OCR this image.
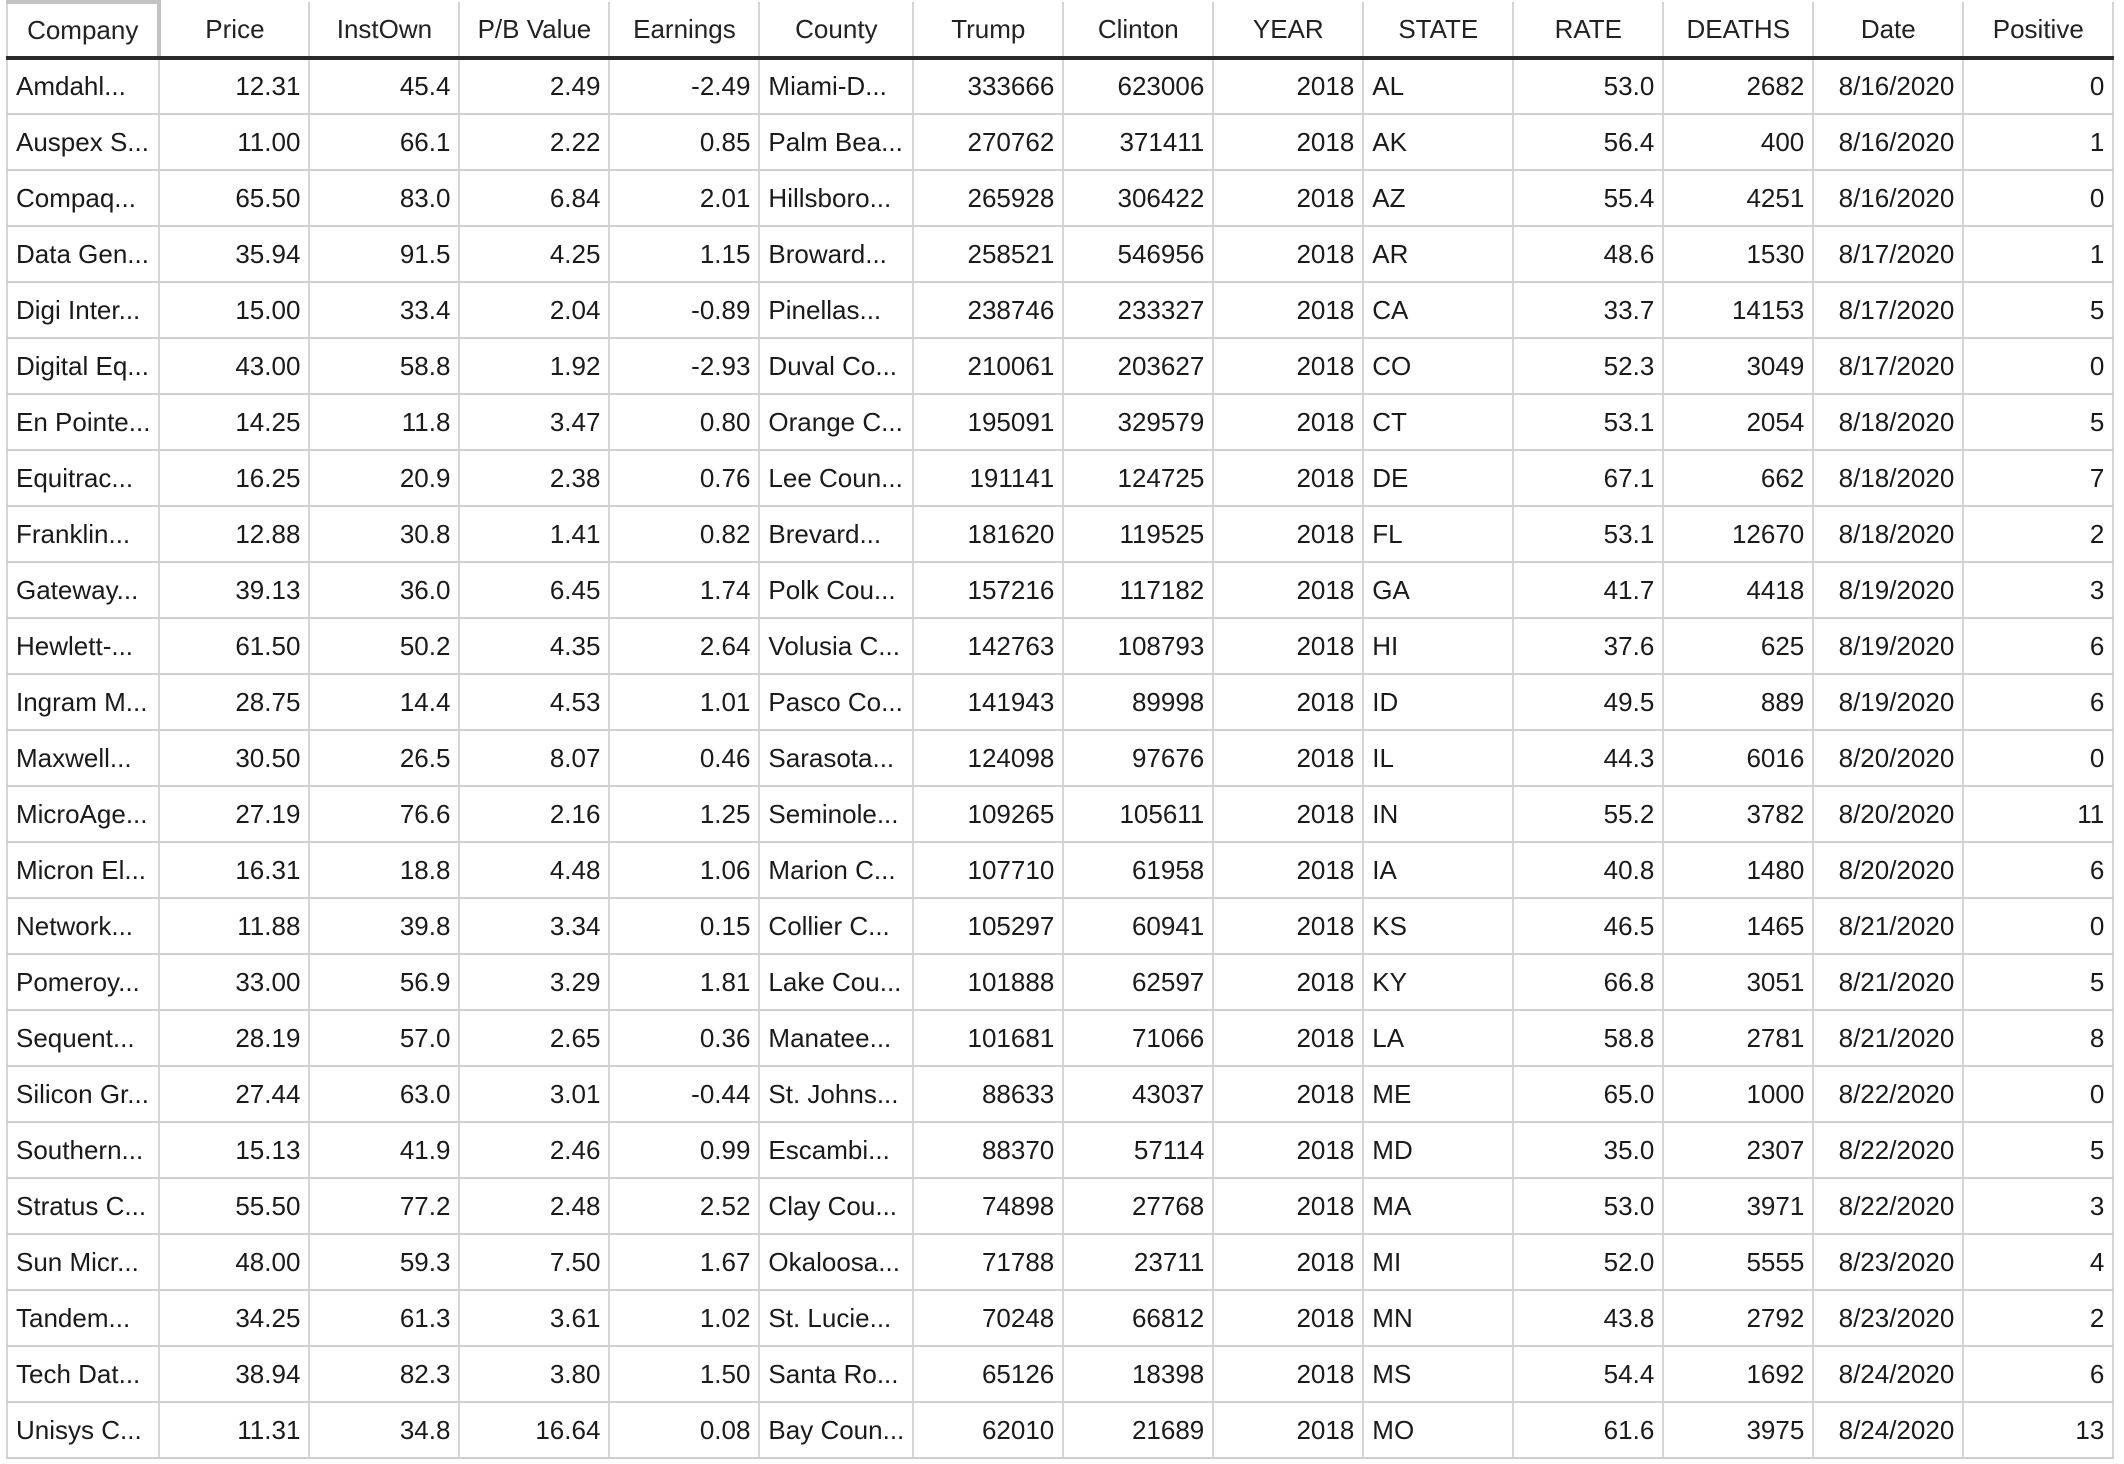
Company	Price	InstOwn	P/B Value	Earnings	County	Trump	Clinton	YEAR	STATE	RATE	DEATHS	Date	Positive
Amdahl...	12.31	45.4	2.49	-2.49	Miami-D...	333666	623006	2018	AL	53.0	2682	8/16/2020	0
Auspex S...	11.00	66.1	2.22	0.85	Palm Bea...	270762	371411	2018	AK	56.4	400	8/16/2020	1
Compaq...	65.50	83.0	6.84	2.01	Hillsboro...	265928	306422	2018	AZ	55.4	4251	8/16/2020	0
Data Gen...	35.94	91.5	4.25	1.15	Broward...	258521	546956	2018	AR	48.6	1530	8/17/2020	1
Digi Inter...	15.00	33.4	2.04	-0.89	Pinellas...	238746	233327	2018	CA	33.7	14153	8/17/2020	5
Digital Eq...	43.00	58.8	1.92	-2.93	Duval Co...	210061	203627	2018	CO	52.3	3049	8/17/2020	0
En Pointe...	14.25	11.8	3.47	0.80	Orange C...	195091	329579	2018	CT	53.1	2054	8/18/2020	5
Equitrac...	16.25	20.9	2.38	0.76	Lee Coun...	191141	124725	2018	DE	67.1	662	8/18/2020	7
Franklin...	12.88	30.8	1.41	0.82	Brevard...	181620	119525	2018	FL	53.1	12670	8/18/2020	2
Gateway...	39.13	36.0	6.45	1.74	Polk Cou...	157216	117182	2018	GA	41.7	4418	8/19/2020	3
Hewlett-...	61.50	50.2	4.35	2.64	Volusia C...	142763	108793	2018	HI	37.6	625	8/19/2020	6
Ingram M...	28.75	14.4	4.53	1.01	Pasco Co...	141943	89998	2018	ID	49.5	889	8/19/2020	6
Maxwell...	30.50	26.5	8.07	0.46	Sarasota...	124098	97676	2018	IL	44.3	6016	8/20/2020	0
MicroAge...	27.19	76.6	2.16	1.25	Seminole...	109265	105611	2018	IN	55.2	3782	8/20/2020	11
Micron El...	16.31	18.8	4.48	1.06	Marion C...	107710	61958	2018	IA	40.8	1480	8/20/2020	6
Network...	11.88	39.8	3.34	0.15	Collier C...	105297	60941	2018	KS	46.5	1465	8/21/2020	0
Pomeroy...	33.00	56.9	3.29	1.81	Lake Cou...	101888	62597	2018	KY	66.8	3051	8/21/2020	5
Sequent...	28.19	57.0	2.65	0.36	Manatee...	101681	71066	2018	LA	58.8	2781	8/21/2020	8
Silicon Gr...	27.44	63.0	3.01	-0.44	St. Johns...	88633	43037	2018	ME	65.0	1000	8/22/2020	0
Southern...	15.13	41.9	2.46	0.99	Escambi...	88370	57114	2018	MD	35.0	2307	8/22/2020	5
Stratus C...	55.50	77.2	2.48	2.52	Clay Cou...	74898	27768	2018	MA	53.0	3971	8/22/2020	3
Sun Micr...	48.00	59.3	7.50	1.67	Okaloosa...	71788	23711	2018	MI	52.0	5555	8/23/2020	4
Tandem...	34.25	61.3	3.61	1.02	St. Lucie...	70248	66812	2018	MN	43.8	2792	8/23/2020	2
Tech Dat...	38.94	82.3	3.80	1.50	Santa Ro...	65126	18398	2018	MS	54.4	1692	8/24/2020	6
Unisys C...	11.31	34.8	16.64	0.08	Bay Coun...	62010	21689	2018	MO	61.6	3975	8/24/2020	13
